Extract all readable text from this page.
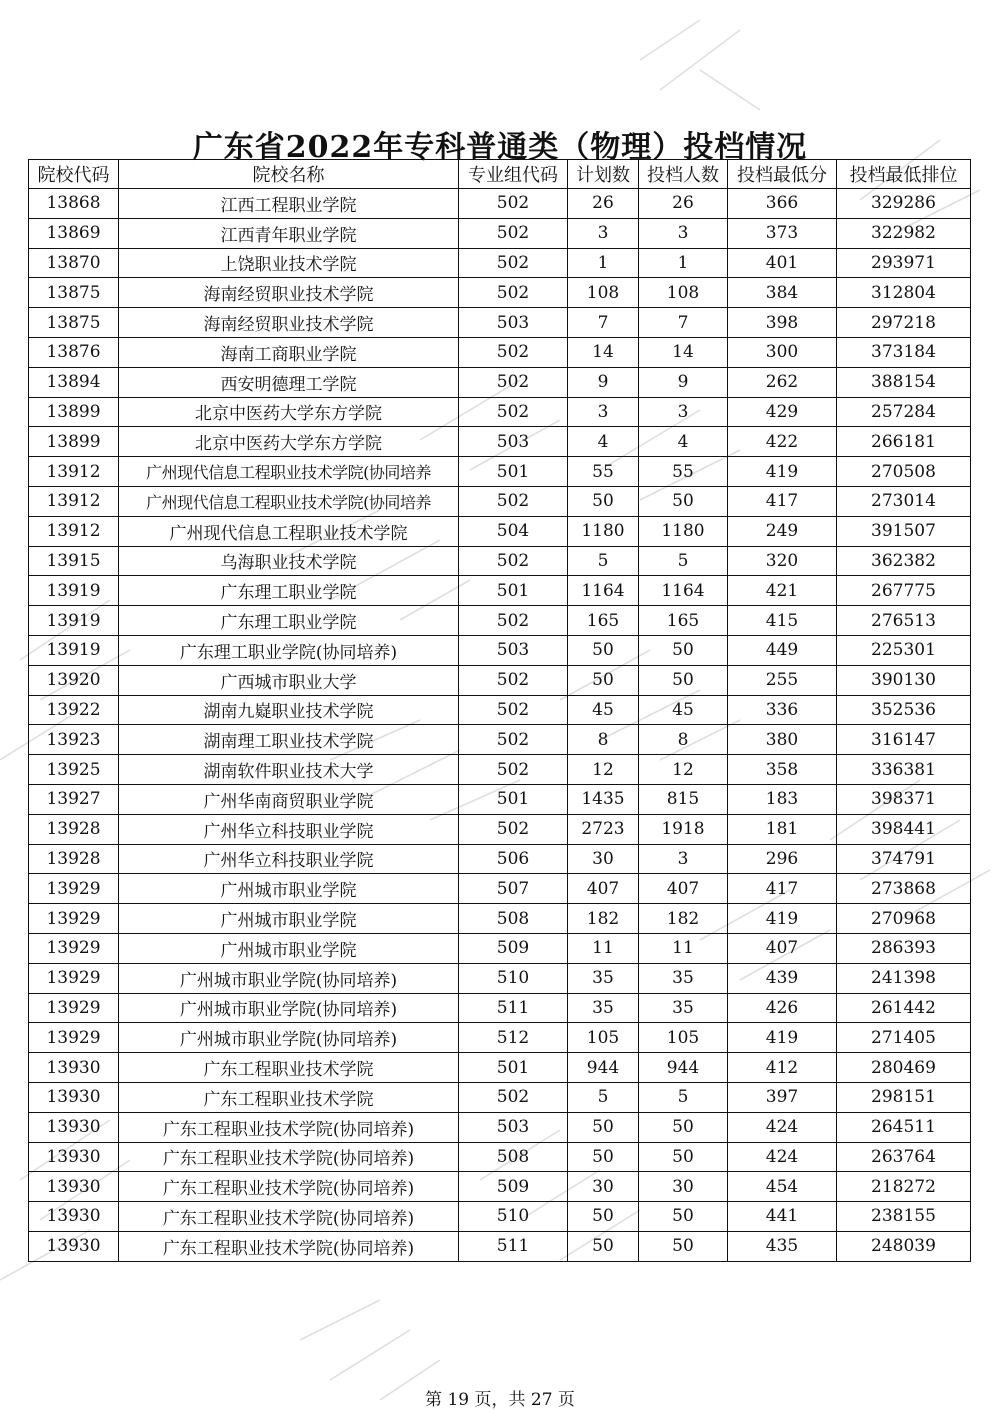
广东省2022年专科普通类（物理）投档情况
院校代码	院校名称	专业组代码	计划数	投档人数	投档最低分	投档最低排位
13868	江西工程职业学院	502	26	26	366	329286
13869	江西青年职业学院	502	3	3	373	322982
13870	上饶职业技术学院	502	1	1	401	293971
13875	海南经贸职业技术学院	502	108	108	384	312804
13875	海南经贸职业技术学院	503	7	7	398	297218
13876	海南工商职业学院	502	14	14	300	373184
13894	西安明德理工学院	502	9	9	262	388154
13899	北京中医药大学东方学院	502	3	3	429	257284
13899	北京中医药大学东方学院	503	4	4	422	266181
13912	广州现代信息工程职业技术学院(协同培养	501	55	55	419	270508
13912	广州现代信息工程职业技术学院(协同培养	502	50	50	417	273014
13912	广州现代信息工程职业技术学院	504	1180	1180	249	391507
13915	乌海职业技术学院	502	5	5	320	362382
13919	广东理工职业学院	501	1164	1164	421	267775
13919	广东理工职业学院	502	165	165	415	276513
13919	广东理工职业学院(协同培养)	503	50	50	449	225301
13920	广西城市职业大学	502	50	50	255	390130
13922	湖南九嶷职业技术学院	502	45	45	336	352536
13923	湖南理工职业技术学院	502	8	8	380	316147
13925	湖南软件职业技术大学	502	12	12	358	336381
13927	广州华南商贸职业学院	501	1435	815	183	398371
13928	广州华立科技职业学院	502	2723	1918	181	398441
13928	广州华立科技职业学院	506	30	3	296	374791
13929	广州城市职业学院	507	407	407	417	273868
13929	广州城市职业学院	508	182	182	419	270968
13929	广州城市职业学院	509	11	11	407	286393
13929	广州城市职业学院(协同培养)	510	35	35	439	241398
13929	广州城市职业学院(协同培养)	511	35	35	426	261442
13929	广州城市职业学院(协同培养)	512	105	105	419	271405
13930	广东工程职业技术学院	501	944	944	412	280469
13930	广东工程职业技术学院	502	5	5	397	298151
13930	广东工程职业技术学院(协同培养)	503	50	50	424	264511
13930	广东工程职业技术学院(协同培养)	508	50	50	424	263764
13930	广东工程职业技术学院(协同培养)	509	30	30	454	218272
13930	广东工程职业技术学院(协同培养)	510	50	50	441	238155
13930	广东工程职业技术学院(协同培养)	511	50	50	435	248039
第 19 页，共 27 页
